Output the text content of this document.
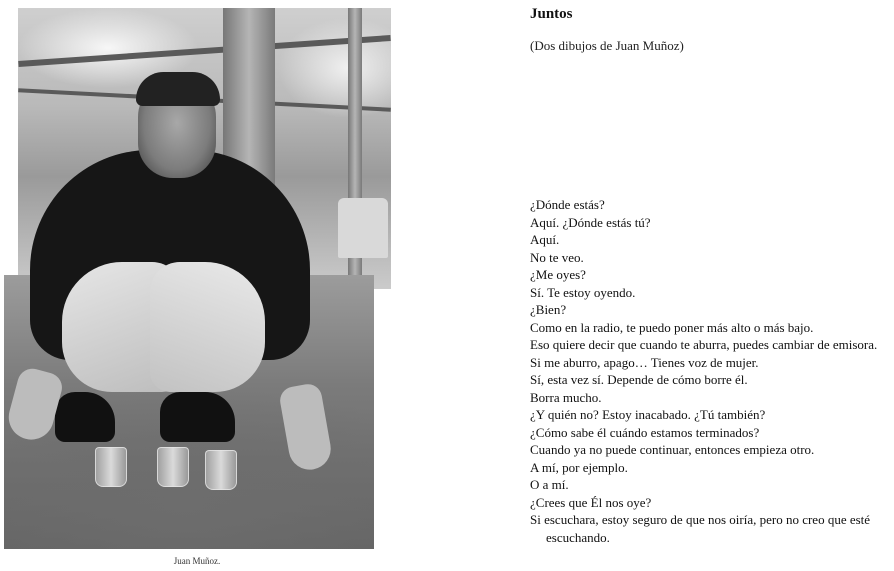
Juan Muñoz.
Juntos
(Dos dibujos de Juan Muñoz)
¿Dónde estás?
Aquí. ¿Dónde estás tú?
Aquí.
No te veo.
¿Me oyes?
Sí. Te estoy oyendo.
¿Bien?
Como en la radio, te puedo poner más alto o más bajo.
Eso quiere decir que cuando te aburra, puedes cambiar de emisora.
Si me aburro, apago… Tienes voz de mujer.
Sí, esta vez sí. Depende de cómo borre él.
Borra mucho.
¿Y quién no? Estoy inacabado. ¿Tú también?
¿Cómo sabe él cuándo estamos terminados?
Cuando ya no puede continuar, entonces empieza otro.
A mí, por ejemplo.
O a mí.
¿Crees que Él nos oye?
Si escuchara, estoy seguro de que nos oiría, pero no creo que esté escuchando.
